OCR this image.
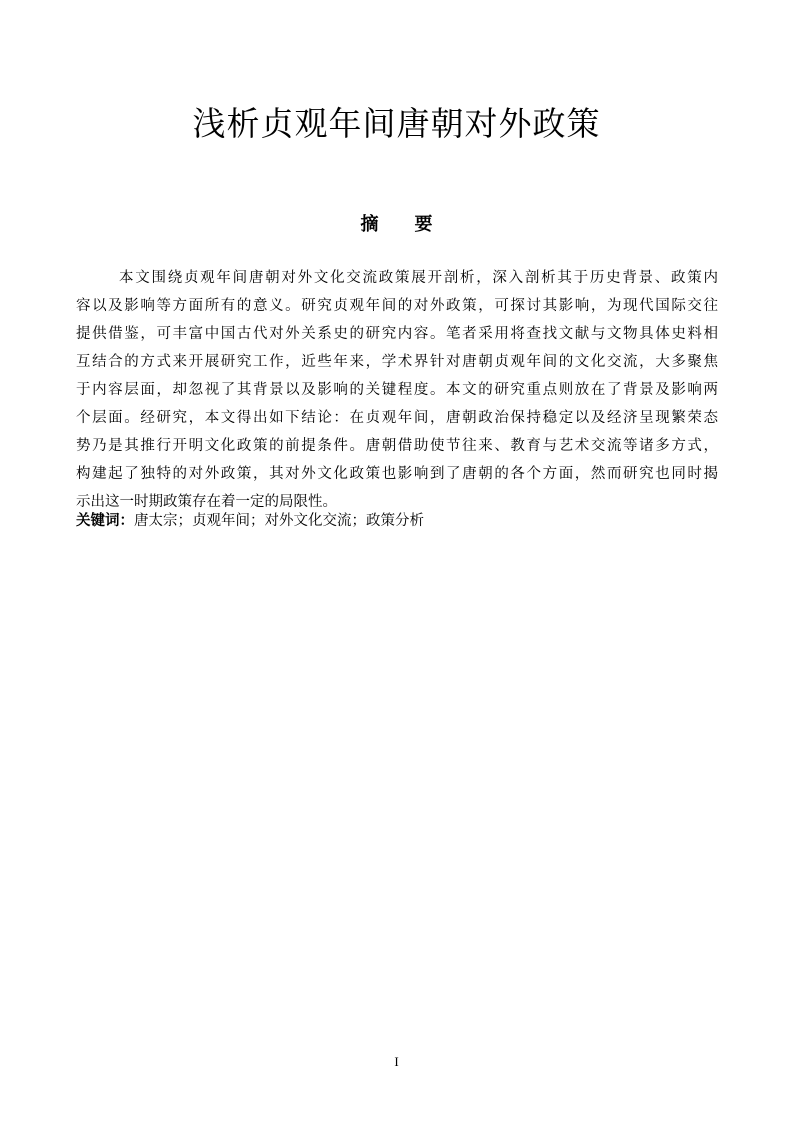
浅析贞观年间唐朝对外政策
摘　　要
本文围绕贞观年间唐朝对外文化交流政策展开剖析，深入剖析其于历史背景、政策内
容以及影响等方面所有的意义。研究贞观年间的对外政策，可探讨其影响，为现代国际交往
提供借鉴，可丰富中国古代对外关系史的研究内容。笔者采用将查找文献与文物具体史料相
互结合的方式来开展研究工作，近些年来，学术界针对唐朝贞观年间的文化交流，大多聚焦
于内容层面，却忽视了其背景以及影响的关键程度。本文的研究重点则放在了背景及影响两
个层面。经研究，本文得出如下结论：在贞观年间，唐朝政治保持稳定以及经济呈现繁荣态
势乃是其推行开明文化政策的前提条件。唐朝借助使节往来、教育与艺术交流等诸多方式，
构建起了独特的对外政策，其对外文化政策也影响到了唐朝的各个方面，然而研究也同时揭
示出这一时期政策存在着一定的局限性。

关键词：唐太宗；贞观年间；对外文化交流；政策分析

I
